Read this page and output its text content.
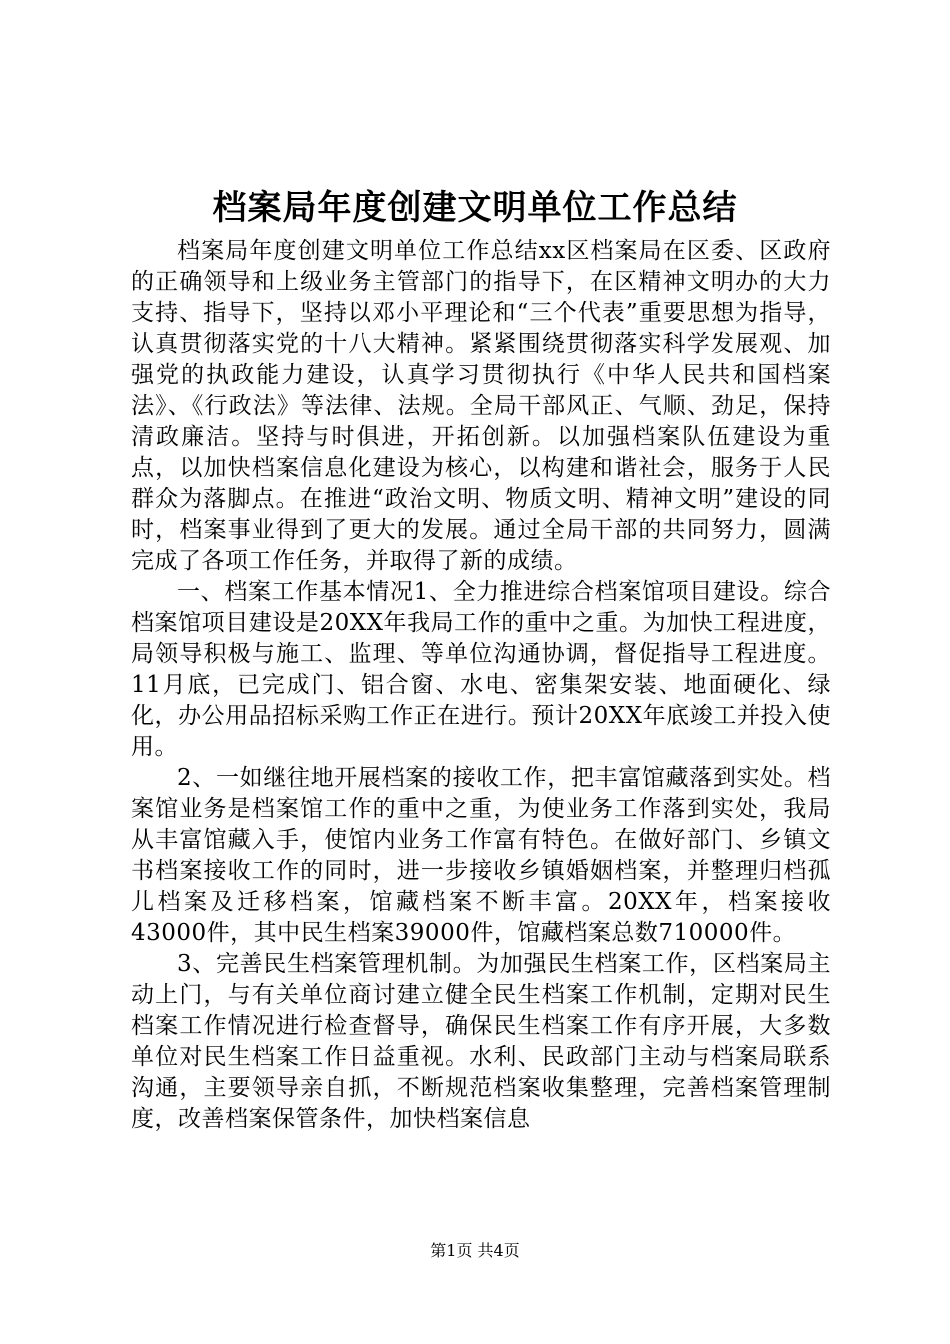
档案局年度创建文明单位工作总结

档案局年度创建文明单位工作总结xx区档案局在区委、区政府的正确领导和上级业务主管部门的指导下，在区精神文明办的大力支持、指导下，坚持以邓小平理论和“三个代表”重要思想为指导，认真贯彻落实党的十八大精神。紧紧围绕贯彻落实科学发展观、加强党的执政能力建设，认真学习贯彻执行《中华人民共和国档案法》、《行政法》等法律、法规。全局干部风正、气顺、劲足，保持清政廉洁。坚持与时俱进，开拓创新。以加强档案队伍建设为重点，以加快档案信息化建设为核心，以构建和谐社会，服务于人民群众为落脚点。在推进“政治文明、物质文明、精神文明”建设的同时，档案事业得到了更大的发展。通过全局干部的共同努力，圆满完成了各项工作任务，并取得了新的成绩。

一、档案工作基本情况1、全力推进综合档案馆项目建设。综合档案馆项目建设是20XX年我局工作的重中之重。为加快工程进度，局领导积极与施工、监理、等单位沟通协调，督促指导工程进度。11月底，已完成门、铝合窗、水电、密集架安装、地面硬化、绿化，办公用品招标采购工作正在进行。预计20XX年底竣工并投入使用。

2、一如继往地开展档案的接收工作，把丰富馆藏落到实处。档案馆业务是档案馆工作的重中之重，为使业务工作落到实处，我局从丰富馆藏入手，使馆内业务工作富有特色。在做好部门、乡镇文书档案接收工作的同时，进一步接收乡镇婚姻档案，并整理归档孤儿档案及迁移档案，馆藏档案不断丰富。20XX年，档案接收43000件，其中民生档案39000件，馆藏档案总数710000件。

3、完善民生档案管理机制。为加强民生档案工作，区档案局主动上门，与有关单位商讨建立健全民生档案工作机制，定期对民生档案工作情况进行检查督导，确保民生档案工作有序开展，大多数单位对民生档案工作日益重视。水利、民政部门主动与档案局联系沟通，主要领导亲自抓，不断规范档案收集整理，完善档案管理制度，改善档案保管条件，加快档案信息

第1页 共4页
